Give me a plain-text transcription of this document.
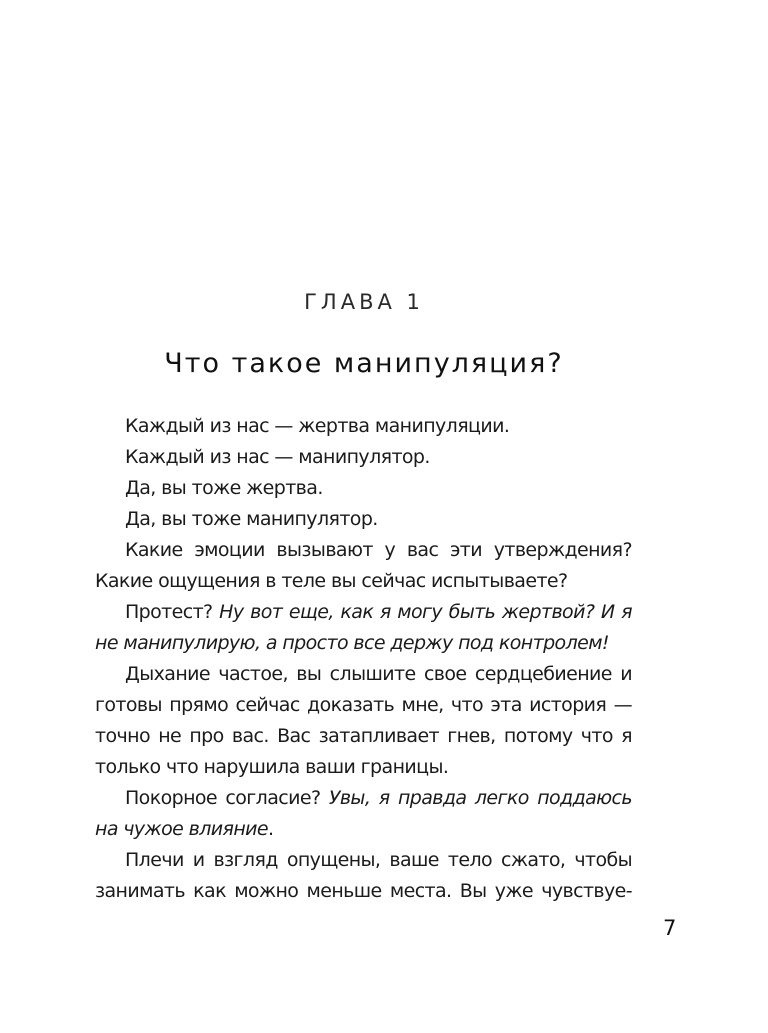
ГЛАВА 1
Что такое манипуляция?

Каждый из нас — жертва манипуляции.

Каждый из нас — манипулятор.

Да, вы тоже жертва.

Да, вы тоже манипулятор.

Какие эмоции вызывают у вас эти утверждения? Какие ощущения в теле вы сейчас испытываете?

Протест? Ну вот еще, как я могу быть жертвой? И я не манипулирую, а просто все держу под контролем!

Дыхание частое, вы слышите свое сердцебиение и готовы прямо сейчас доказать мне, что эта история — точно не про вас. Вас затапливает гнев, потому что я только что нарушила ваши границы.

Покорное согласие? Увы, я правда легко поддаюсь на чужое влияние.

Плечи и взгляд опущены, ваше тело сжато, чтобы занимать как можно меньше места. Вы уже чувствуе-

7
